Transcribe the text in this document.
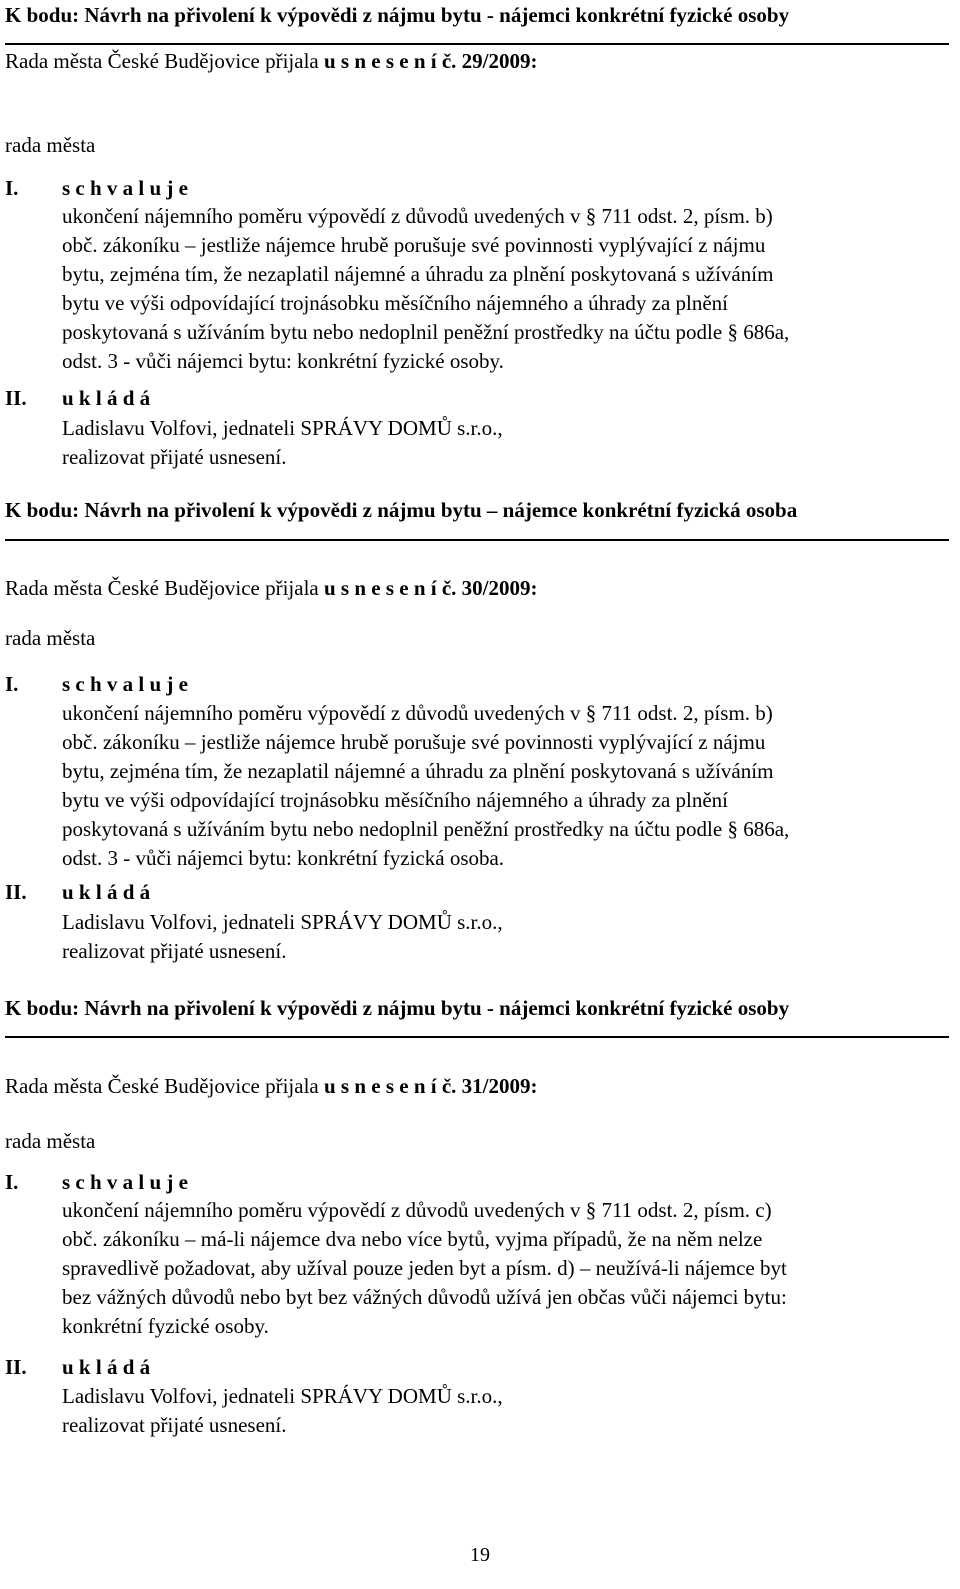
K bodu: Návrh na přivolení k výpovědi z nájmu bytu - nájemci konkrétní fyzické osoby
Rada města České Budějovice přijala u s n e s e n í č. 29/2009:
rada města
I. s c h v a l u j e
ukončení nájemního poměru výpovědí z důvodů uvedených v § 711 odst. 2, písm. b)
obč. zákoníku – jestliže nájemce hrubě porušuje své povinnosti vyplývající z nájmu
bytu, zejména tím, že nezaplatil nájemné a úhradu za plnění poskytovaná s užíváním
bytu ve výši odpovídající trojnásobku měsíčního nájemného a úhrady za plnění
poskytovaná s užíváním bytu nebo nedoplnil peněžní prostředky na účtu podle § 686a,
odst. 3 - vůči nájemci bytu: konkrétní fyzické osoby.
II. u k l á d á
Ladislavu Volfovi, jednateli SPRÁVY DOMŮ s.r.o.,
realizovat přijaté usnesení.
K bodu: Návrh na přivolení k výpovědi z nájmu bytu – nájemce konkrétní fyzická osoba
Rada města České Budějovice přijala u s n e s e n í č. 30/2009:
rada města
I. s c h v a l u j e
ukončení nájemního poměru výpovědí z důvodů uvedených v § 711 odst. 2, písm. b)
obč. zákoníku – jestliže nájemce hrubě porušuje své povinnosti vyplývající z nájmu
bytu, zejména tím, že nezaplatil nájemné a úhradu za plnění poskytovaná s užíváním
bytu ve výši odpovídající trojnásobku měsíčního nájemného a úhrady za plnění
poskytovaná s užíváním bytu nebo nedoplnil peněžní prostředky na účtu podle § 686a,
odst. 3 - vůči nájemci bytu: konkrétní fyzická osoba.
II. u k l á d á
Ladislavu Volfovi, jednateli SPRÁVY DOMŮ s.r.o.,
realizovat přijaté usnesení.
K bodu: Návrh na přivolení k výpovědi z nájmu bytu - nájemci konkrétní fyzické osoby
Rada města České Budějovice přijala u s n e s e n í č. 31/2009:
rada města
I. s c h v a l u j e
ukončení nájemního poměru výpovědí z důvodů uvedených v § 711 odst. 2, písm. c)
obč. zákoníku – má-li nájemce dva nebo více bytů, vyjma případů, že na něm nelze
spravedlivě požadovat, aby užíval pouze jeden byt a písm. d) – neužívá-li nájemce byt
bez vážných důvodů nebo byt bez vážných důvodů užívá jen občas vůči nájemci bytu:
konkrétní fyzické osoby.
II. u k l á d á
Ladislavu Volfovi, jednateli SPRÁVY DOMŮ s.r.o.,
realizovat přijaté usnesení.
19
